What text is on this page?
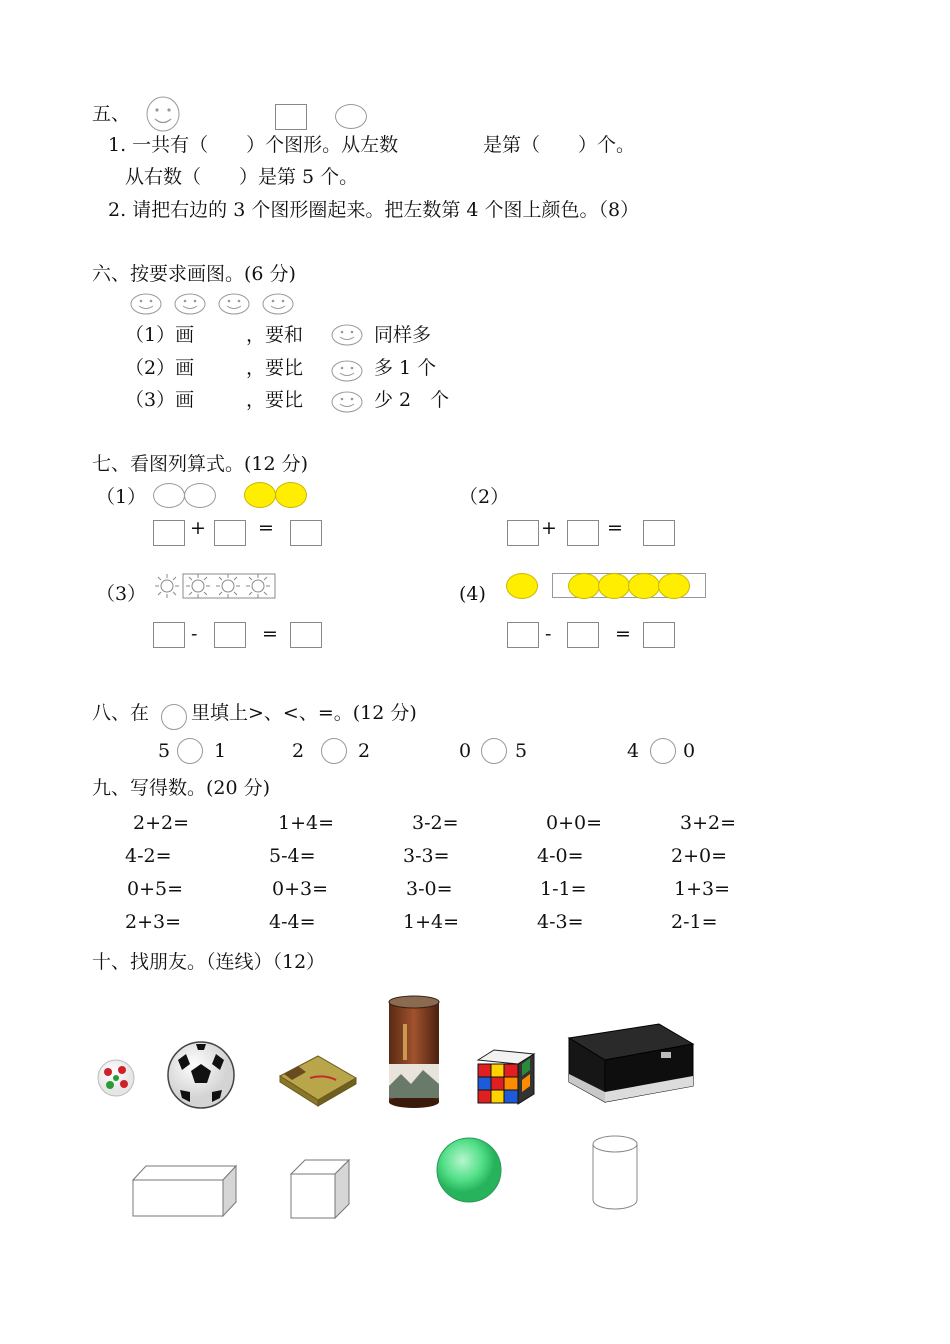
五、
1. 一共有（　　）个图形。从左数	是第（　　）个。
从右数（　　）是第 5 个。
2. 请把右边的 3 个图形圈起来。把左数第 4 个图上颜色。（8）
六、按要求画图。(6 分)
（1）画	，要和	同样多
（2）画	，要比	多 1 个
（3）画	，要比	少 2　个
七、看图列算式。(12 分)
（1）
+	=
（2）
+	=
（3）
-	=
(4)
-	=
八、在 里填上>、<、=。(12 分)
5 1	2	2	0 5	4 0
九、写得数。(20 分)
2+2=	1+4=	3-2=	0+0=	3+2=
4-2=	5-4=	3-3=	4-0=	2+0=
0+5=	0+3=	3-0=	1-1=	1+3=
2+3=	4-4=	1+4=	4-3=	2-1=
十、找朋友。（连线）（12）
